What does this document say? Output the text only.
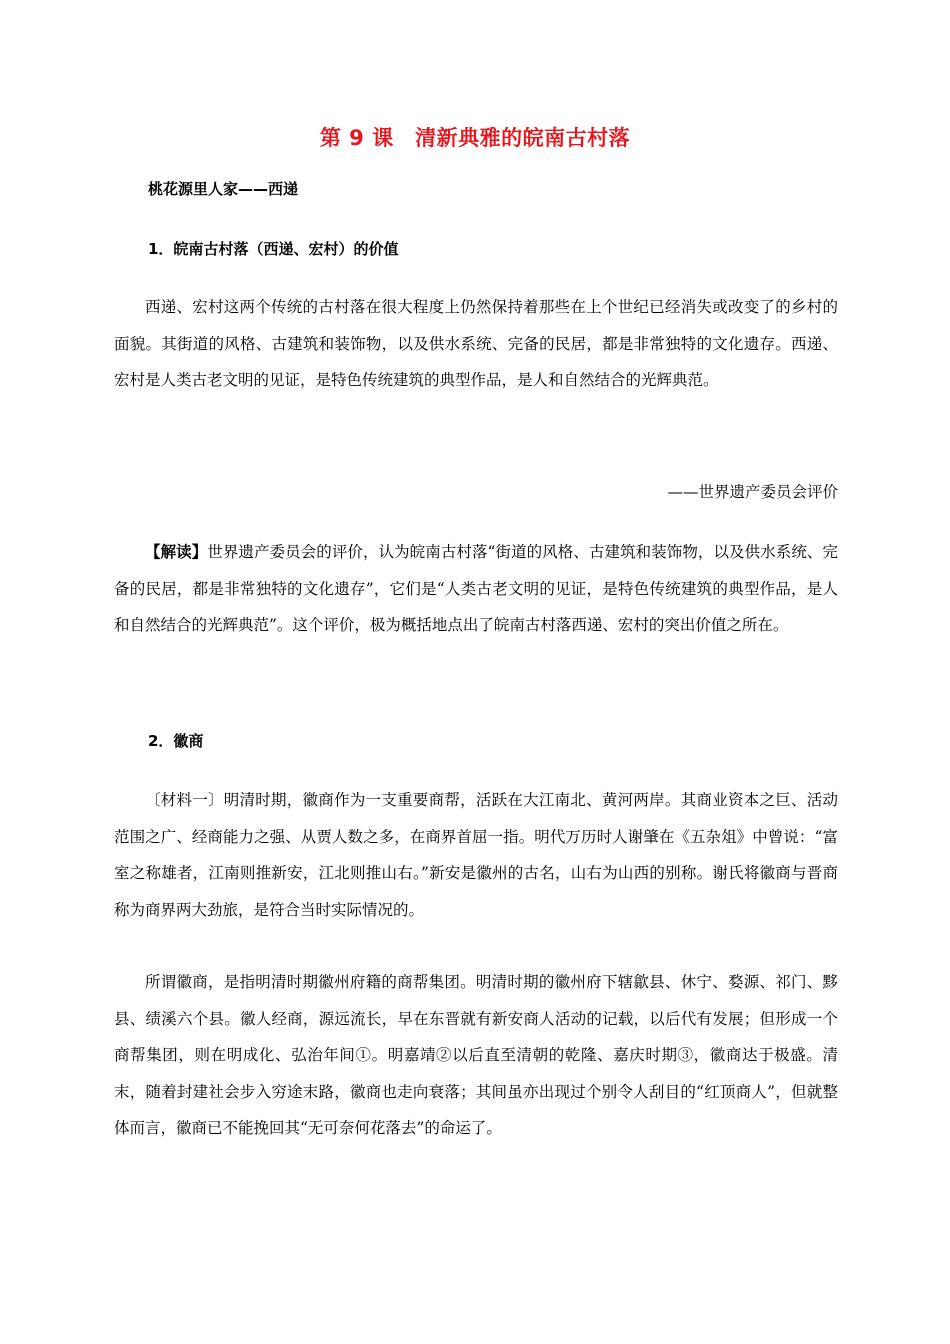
第 9 课　清新典雅的皖南古村落
桃花源里人家——西递
1．皖南古村落（西递、宏村）的价值

西递、宏村这两个传统的古村落在很大程度上仍然保持着那些在上个世纪已经消失或改变了的乡村的面貌。其街道的风格、古建筑和装饰物，以及供水系统、完备的民居，都是非常独特的文化遗存。西递、宏村是人类古老文明的见证，是特色传统建筑的典型作品，是人和自然结合的光辉典范。

——世界遗产委员会评价

【解读】世界遗产委员会的评价，认为皖南古村落“街道的风格、古建筑和装饰物，以及供水系统、完备的民居，都是非常独特的文化遗存”，它们是“人类古老文明的见证，是特色传统建筑的典型作品，是人和自然结合的光辉典范”。这个评价，极为概括地点出了皖南古村落西递、宏村的突出价值之所在。

2．徽商

〔材料一〕明清时期，徽商作为一支重要商帮，活跃在大江南北、黄河两岸。其商业资本之巨、活动范围之广、经商能力之强、从贾人数之多，在商界首屈一指。明代万历时人谢肇在《五杂俎》中曾说：“富室之称雄者，江南则推新安，江北则推山右。”新安是徽州的古名，山右为山西的别称。谢氏将徽商与晋商称为商界两大劲旅，是符合当时实际情况的。

所谓徽商，是指明清时期徽州府籍的商帮集团。明清时期的徽州府下辖歙县、休宁、婺源、祁门、黟县、绩溪六个县。徽人经商，源远流长，早在东晋就有新安商人活动的记载，以后代有发展；但形成一个商帮集团，则在明成化、弘治年间①。明嘉靖②以后直至清朝的乾隆、嘉庆时期③，徽商达于极盛。清末，随着封建社会步入穷途末路，徽商也走向衰落；其间虽亦出现过个别令人刮目的“红顶商人”，但就整体而言，徽商已不能挽回其“无可奈何花落去”的命运了。
